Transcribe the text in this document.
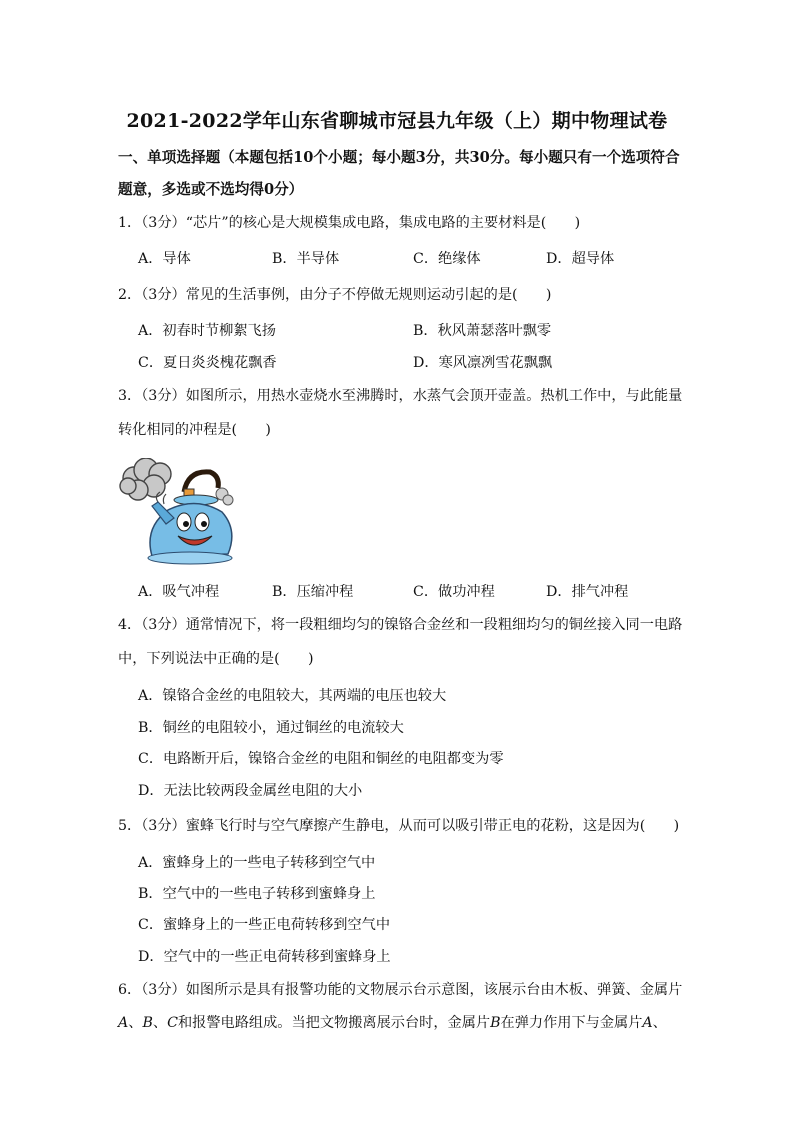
2021-2022学年山东省聊城市冠县九年级（上）期中物理试卷
一、单项选择题（本题包括10个小题；每小题3分，共30分。每小题只有一个选项符合
题意，多选或不选均得0分）
1．（3分）“芯片”的核心是大规模集成电路，集成电路的主要材料是(　　)
A．导体	B．半导体	C．绝缘体	D．超导体
2．（3分）常见的生活事例，由分子不停做无规则运动引起的是(　　)
A．初春时节柳絮飞扬	B．秋风萧瑟落叶飘零
C．夏日炎炎槐花飘香	D．寒风凛冽雪花飘飘
3．（3分）如图所示，用热水壶烧水至沸腾时，水蒸气会顶开壶盖。热机工作中，与此能量
转化相同的冲程是(　　)
A．吸气冲程	B．压缩冲程	C．做功冲程	D．排气冲程
4．（3分）通常情况下，将一段粗细均匀的镍铬合金丝和一段粗细均匀的铜丝接入同一电路
中，下列说法中正确的是(　　)
A．镍铬合金丝的电阻较大，其两端的电压也较大
B．铜丝的电阻较小，通过铜丝的电流较大
C．电路断开后，镍铬合金丝的电阻和铜丝的电阻都变为零
D．无法比较两段金属丝电阻的大小
5．（3分）蜜蜂飞行时与空气摩擦产生静电，从而可以吸引带正电的花粉，这是因为(　　)
A．蜜蜂身上的一些电子转移到空气中
B．空气中的一些电子转移到蜜蜂身上
C．蜜蜂身上的一些正电荷转移到空气中
D．空气中的一些正电荷转移到蜜蜂身上
6．（3分）如图所示是具有报警功能的文物展示台示意图，该展示台由木板、弹簧、金属片
A、B、C和报警电路组成。当把文物搬离展示台时，金属片B在弹力作用下与金属片A、
